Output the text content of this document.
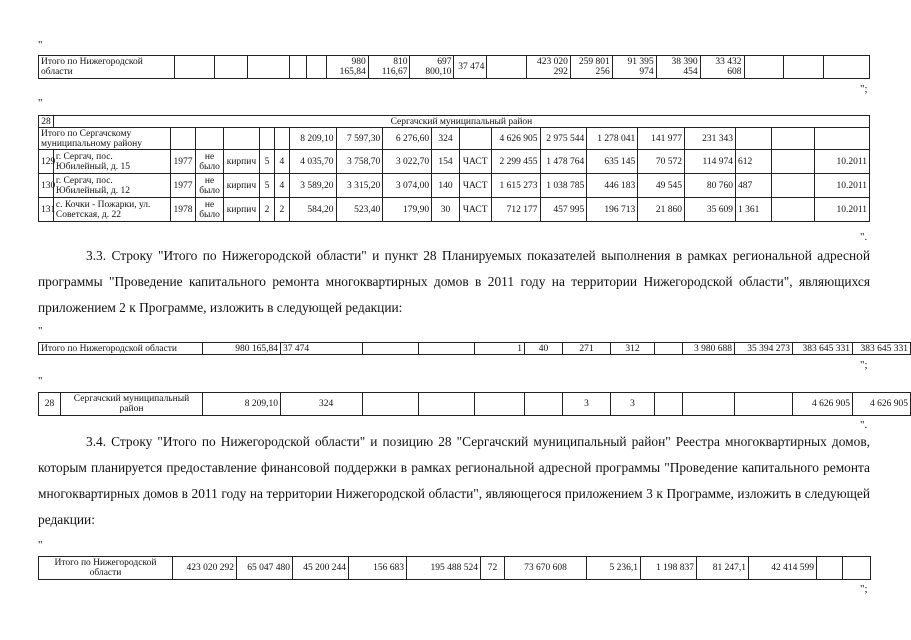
"
Итого по Нижегородской области						980 165,84	810 116,67	697 800,10	37 474		423 020 292	259 801 256	91 395 974	38 390 454	33 432 608			
";
"
28	Сергачский муниципальный район																		
Итого по Сергачскому муниципальному району							8 209,10	7 597,30	6 276,60	324		4 626 905	2 975 544	1 278 041	141 977	231 343			
129	г. Сергач, пос. Юбилейный, д. 15	1977	не было	кирпич	5	4	4 035,70	3 758,70	3 022,70	154	ЧАСТ	2 299 455	1 478 764	635 145	70 572	114 974	612		10.2011
130	г. Сергач, пос. Юбилейный, д. 12	1977	не было	кирпич	5	4	3 589,20	3 315,20	3 074,00	140	ЧАСТ	1 615 273	1 038 785	446 183	49 545	80 760	487		10.2011
131	с. Кочки - Пожарки, ул. Советская, д. 22	1978	не было	кирпич	2	2	584,20	523,40	179,90	30	ЧАСТ	712 177	457 995	196 713	21 860	35 609	1 361		10.2011
".
3.3. Строку "Итого по Нижегородской области" и пункт 28 Планируемых показателей выполнения в рамках региональной адресной программы "Проведение капитального ремонта многоквартирных домов в 2011 году на территории Нижегородской области", являющихся приложением 2 к Программе, изложить в следующей редакции:
"
Итого по Нижегородской области	980 165,84	37 474			1	40	271	312		3 980 688	35 394 273	383 645 331	383 645 331
";
"
28	Сергачский муниципальный район	8 209,10	324					3	3				4 626 905	4 626 905
".
3.4. Строку "Итого по Нижегородской области" и позицию 28 "Сергачский муниципальный район" Реестра многоквартирных домов, которым планируется предоставление финансовой поддержки в рамках региональной адресной программы "Проведение капитального ремонта многоквартирных домов в 2011 году на территории Нижегородской области", являющегося приложением 3 к Программе, изложить в следующей редакции:
"
Итого по Нижегородской области	423 020 292	65 047 480	45 200 244	156 683	195 488 524	72	73 670 608	5 236,1	1 198 837	81 247,1	42 414 599		
";
